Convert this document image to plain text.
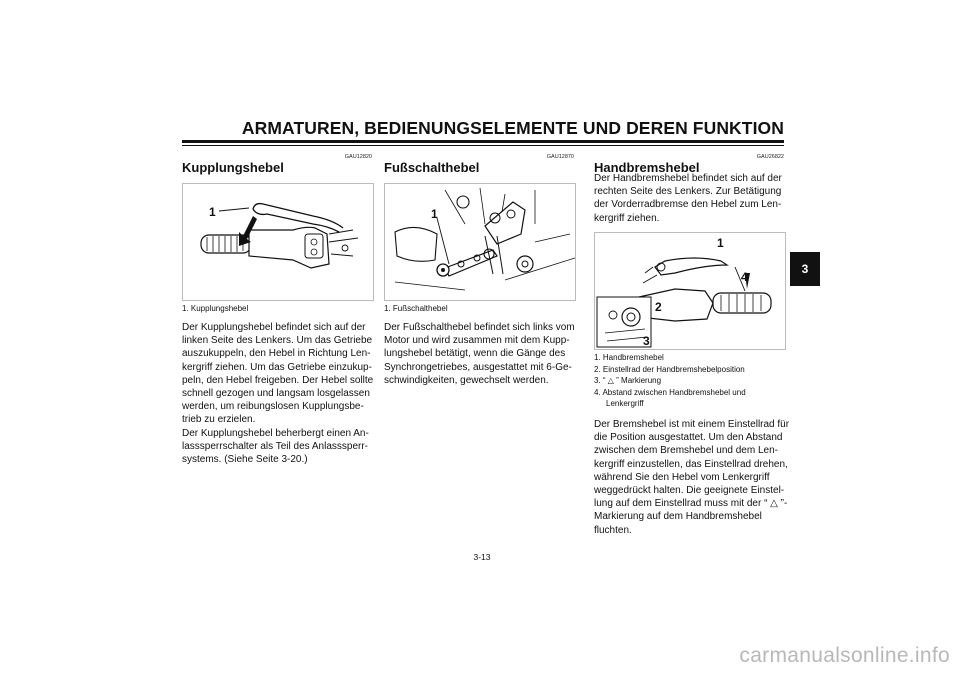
ARMATUREN, BEDIENUNGSELEMENTE UND DEREN FUNKTION
3
GAU12820
Kupplungshebel
1
1. Kupplungshebel

Der Kupplungshebel befindet sich auf der

linken Seite des Lenkers. Um das Getriebe

auszukuppeln, den Hebel in Richtung Len-

kergriff ziehen. Um das Getriebe einzukup-

peln, den Hebel freigeben. Der Hebel sollte

schnell gezogen und langsam losgelassen

werden, um reibungslosen Kupplungsbe-

trieb zu erzielen.

Der Kupplungshebel beherbergt einen An-

lasssperrschalter als Teil des Anlasssperr-

systems. (Siehe Seite 3-20.)

GAU12870
Fußschalthebel
1
1. Fußschalthebel

Der Fußschalthebel befindet sich links vom

Motor und wird zusammen mit dem Kupp-

lungshebel betätigt, wenn die Gänge des

Synchrongetriebes, ausgestattet mit 6-Ge-

schwindigkeiten, gewechselt werden.

GAU26822
Handbremshebel

Der Handbremshebel befindet sich auf der

rechten Seite des Lenkers. Zur Betätigung

der Vorderradbremse den Hebel zum Len-

kergriff ziehen.

1
4
2
3
1. Handbremshebel
2. Einstellrad der Handbremshebelposition
3. “ △ ” Markierung
4. Abstand zwischen Handbremshebel und
Lenkergriff

Der Bremshebel ist mit einem Einstellrad für

die Position ausgestattet. Um den Abstand

zwischen dem Bremshebel und dem Len-

kergriff einzustellen, das Einstellrad drehen,

während Sie den Hebel vom Lenkergriff

weggedrückt halten. Die geeignete Einstel-

lung auf dem Einstellrad muss mit der “ △ ”-

Markierung auf dem Handbremshebel

fluchten.

3-13
carmanualsonline.info
